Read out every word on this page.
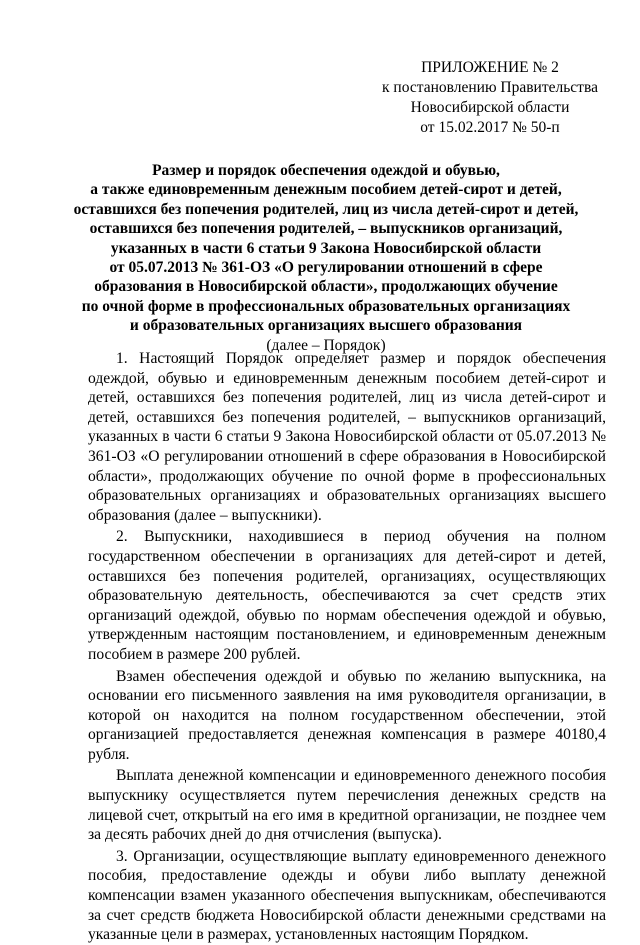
ПРИЛОЖЕНИЕ № 2
к постановлению Правительства
Новосибирской области
от 15.02.2017 № 50-п
Размер и порядок обеспечения одеждой и обувью,
а также единовременным денежным пособием детей-сирот и детей,
оставшихся без попечения родителей, лиц из числа детей-сирот и детей,
оставшихся без попечения родителей, – выпускников организаций,
указанных в части 6 статьи 9 Закона Новосибирской области
от 05.07.2013 № 361-ОЗ «О регулировании отношений в сфере
образования в Новосибирской области», продолжающих обучение
по очной форме в профессиональных образовательных организациях
и образовательных организациях высшего образования
(далее – Порядок)

1. Настоящий Порядок определяет размер и порядок обеспечения одеждой, обувью и единовременным денежным пособием детей-сирот и детей, оставшихся без попечения родителей, лиц из числа детей-сирот и детей, оставшихся без попечения родителей, – выпускников организаций, указанных в части 6 статьи 9 Закона Новосибирской области от 05.07.2013 № 361-ОЗ «О регулировании отношений в сфере образования в Новосибирской области», продолжающих обучение по очной форме в профессиональных образовательных организациях и образовательных организациях высшего образования (далее – выпускники).

2. Выпускники, находившиеся в период обучения на полном государственном обеспечении в организациях для детей-сирот и детей, оставшихся без попечения родителей, организациях, осуществляющих образовательную деятельность, обеспечиваются за счет средств этих организаций одеждой, обувью по нормам обеспечения одеждой и обувью, утвержденным настоящим постановлением, и единовременным денежным пособием в размере 200 рублей.

Взамен обеспечения одеждой и обувью по желанию выпускника, на основании его письменного заявления на имя руководителя организации, в которой он находится на полном государственном обеспечении, этой организацией предоставляется денежная компенсация в размере 40180,4 рубля.

Выплата денежной компенсации и единовременного денежного пособия выпускнику осуществляется путем перечисления денежных средств на лицевой счет, открытый на его имя в кредитной организации, не позднее чем за десять рабочих дней до дня отчисления (выпуска).

3. Организации, осуществляющие выплату единовременного денежного пособия, предоставление одежды и обуви либо выплату денежной компенсации взамен указанного обеспечения выпускникам, обеспечиваются за счет средств бюджета Новосибирской области денежными средствами на указанные цели в размерах, установленных настоящим Порядком.
